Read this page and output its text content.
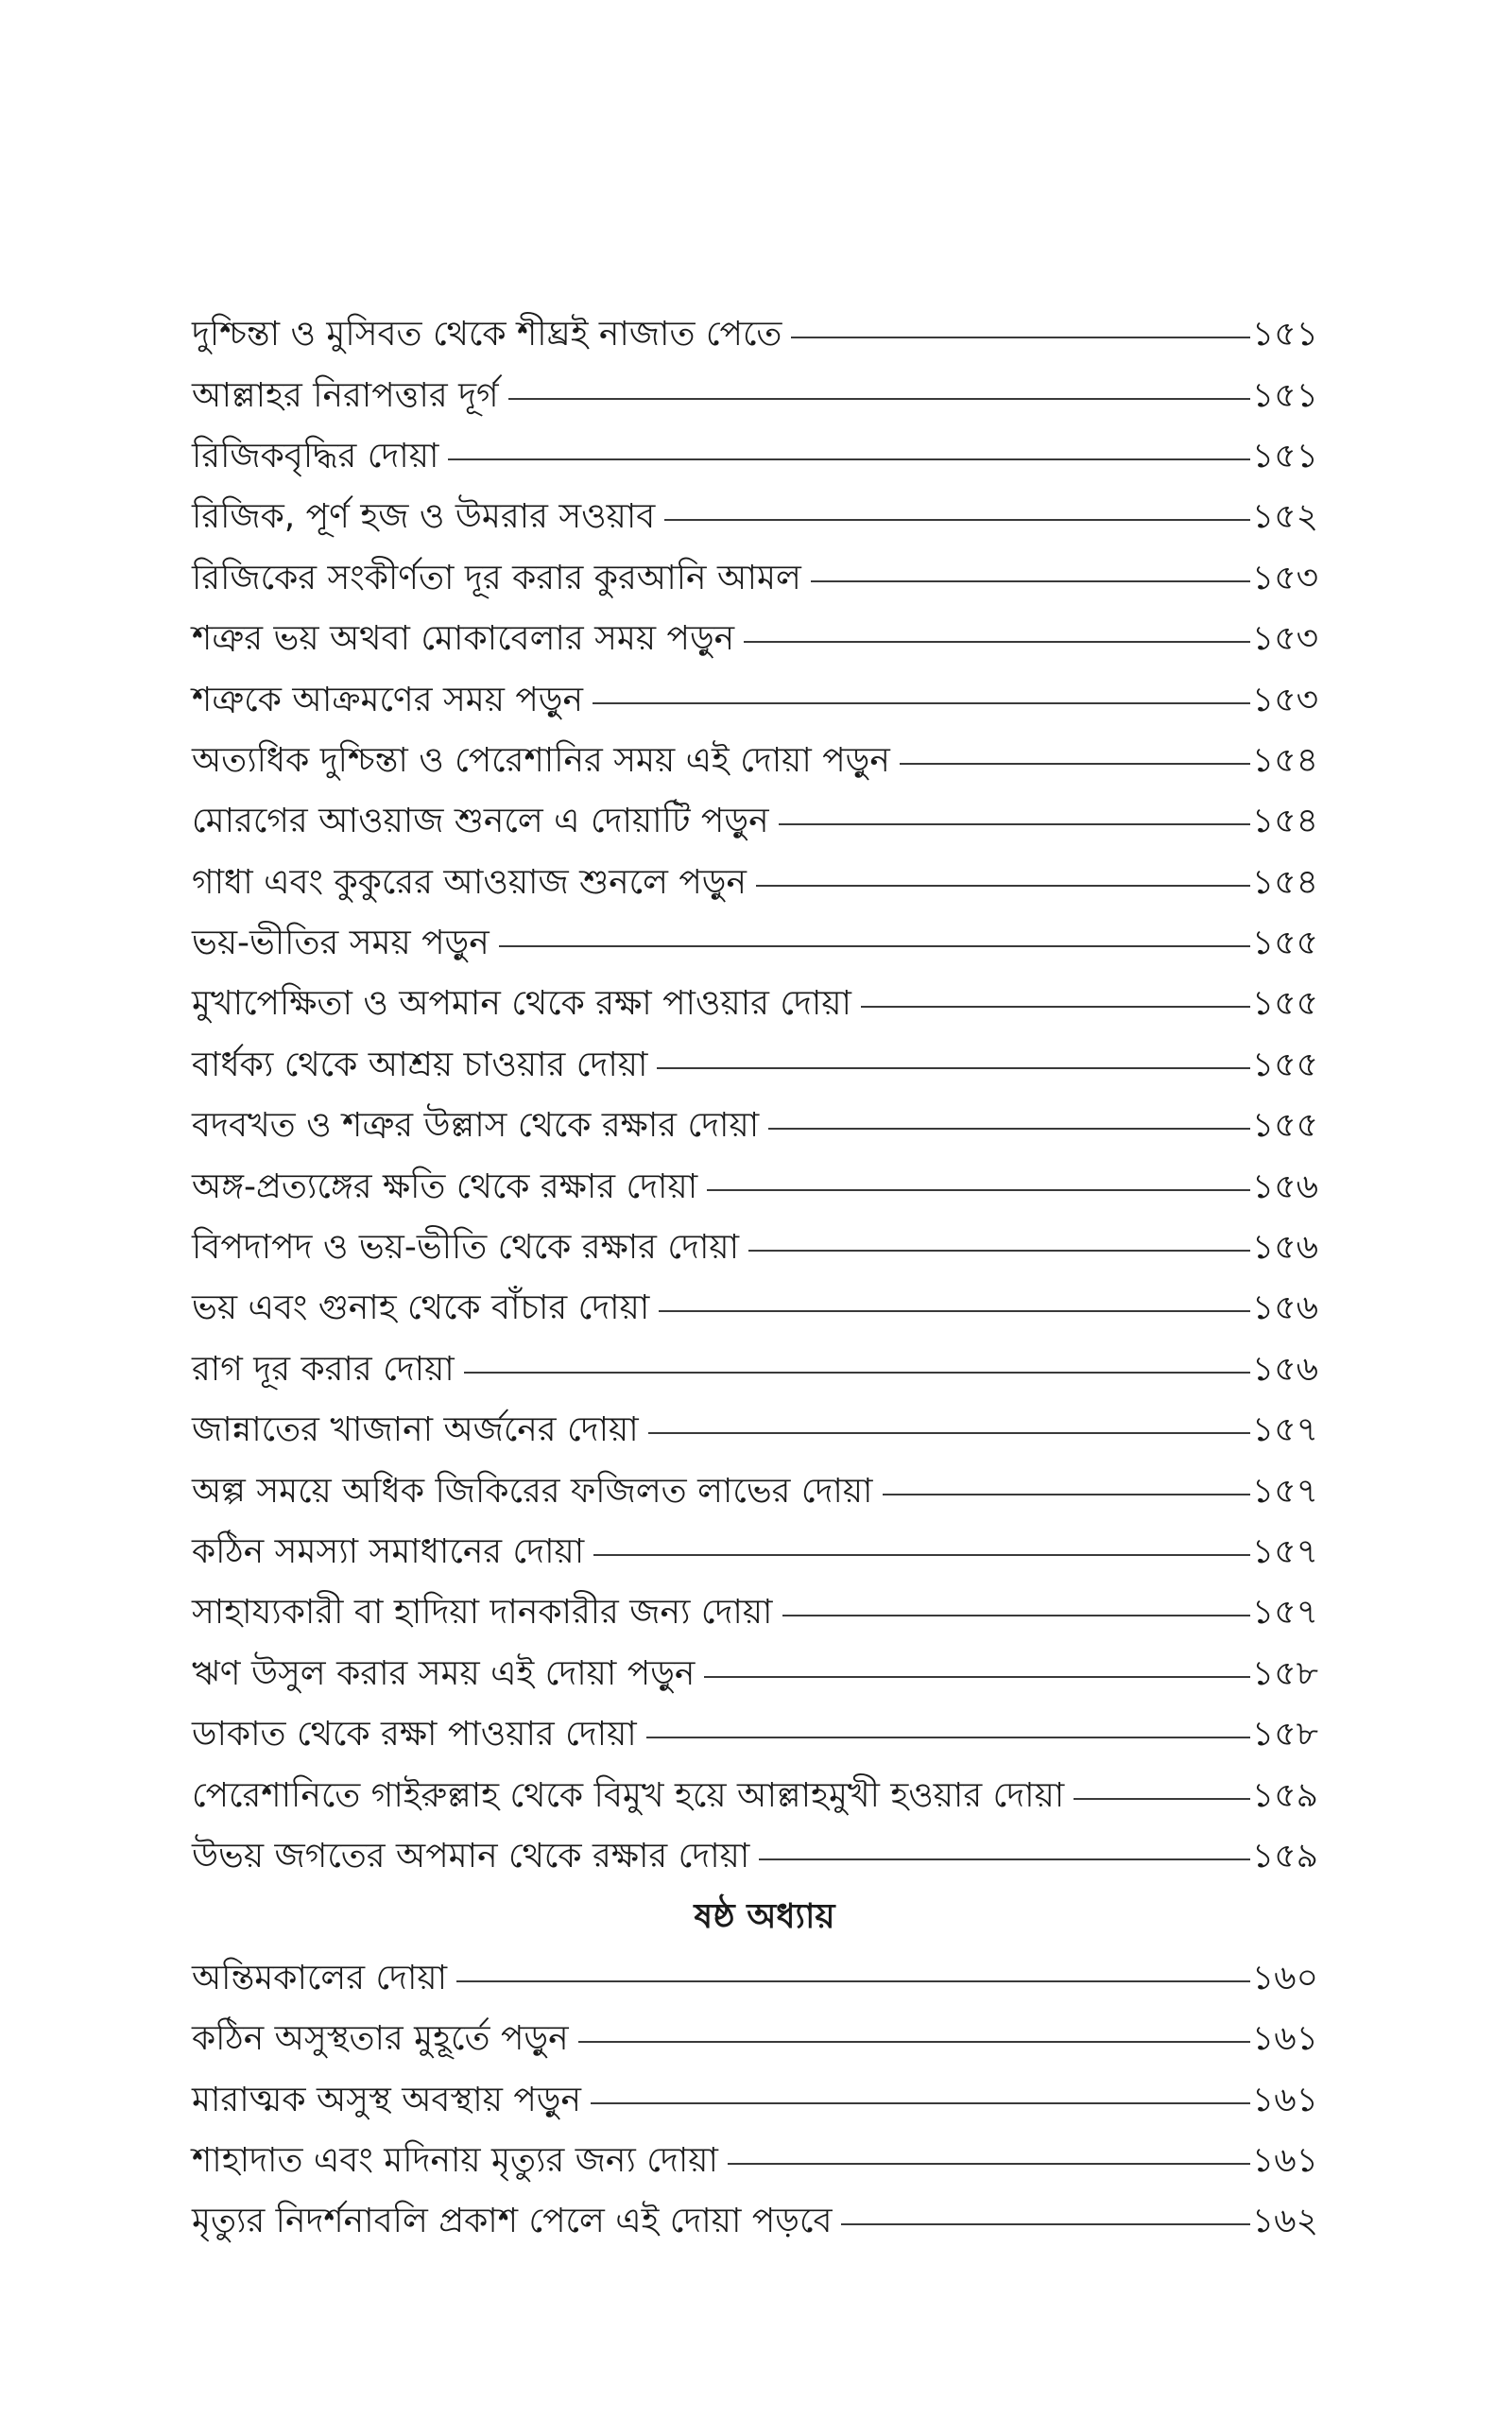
দুশ্চিন্তা ও মুসিবত থেকে শীঘ্রই নাজাত পেতে	১৫১
আল্লাহর নিরাপত্তার দূর্গ	১৫১
রিজিকবৃদ্ধির দোয়া	১৫১
রিজিক, পূর্ণ হজ ও উমরার সওয়াব	১৫২
রিজিকের সংকীর্ণতা দূর করার কুরআনি আমল	১৫৩
শত্রুর ভয় অথবা মোকাবেলার সময় পড়ুন	১৫৩
শত্রুকে আক্রমণের সময় পড়ুন	১৫৩
অত্যধিক দুশ্চিন্তা ও পেরেশানির সময় এই দোয়া পড়ুন	১৫৪
মোরগের আওয়াজ শুনলে এ দোয়াটি পড়ুন	১৫৪
গাধা এবং কুকুরের আওয়াজ শুনলে পড়ুন	১৫৪
ভয়-ভীতির সময় পড়ুন	১৫৫
মুখাপেক্ষিতা ও অপমান থেকে রক্ষা পাওয়ার দোয়া	১৫৫
বার্ধক্য থেকে আশ্রয় চাওয়ার দোয়া	১৫৫
বদবখত ও শত্রুর উল্লাস থেকে রক্ষার দোয়া	১৫৫
অঙ্গ-প্রত্যঙ্গের ক্ষতি থেকে রক্ষার দোয়া	১৫৬
বিপদাপদ ও ভয়-ভীতি থেকে রক্ষার দোয়া	১৫৬
ভয় এবং গুনাহ থেকে বাঁচার দোয়া	১৫৬
রাগ দূর করার দোয়া	১৫৬
জান্নাতের খাজানা অর্জনের দোয়া	১৫৭
অল্প সময়ে অধিক জিকিরের ফজিলত লাভের দোয়া	১৫৭
কঠিন সমস্যা সমাধানের দোয়া	১৫৭
সাহায্যকারী বা হাদিয়া দানকারীর জন্য দোয়া	১৫৭
ঋণ উসুল করার সময় এই দোয়া পড়ুন	১৫৮
ডাকাত থেকে রক্ষা পাওয়ার দোয়া	১৫৮
পেরেশানিতে গাইরুল্লাহ থেকে বিমুখ হয়ে আল্লাহমুখী হওয়ার দোয়া	১৫৯
উভয় জগতের অপমান থেকে রক্ষার দোয়া	১৫৯
ষষ্ঠ অধ্যায়
অন্তিমকালের দোয়া	১৬০
কঠিন অসুস্থতার মুহূর্তে পড়ুন	১৬১
মারাত্মক অসুস্থ অবস্থায় পড়ুন	১৬১
শাহাদাত এবং মদিনায় মৃত্যুর জন্য দোয়া	১৬১
মৃত্যুর নিদর্শনাবলি প্রকাশ পেলে এই দোয়া পড়বে	১৬২
